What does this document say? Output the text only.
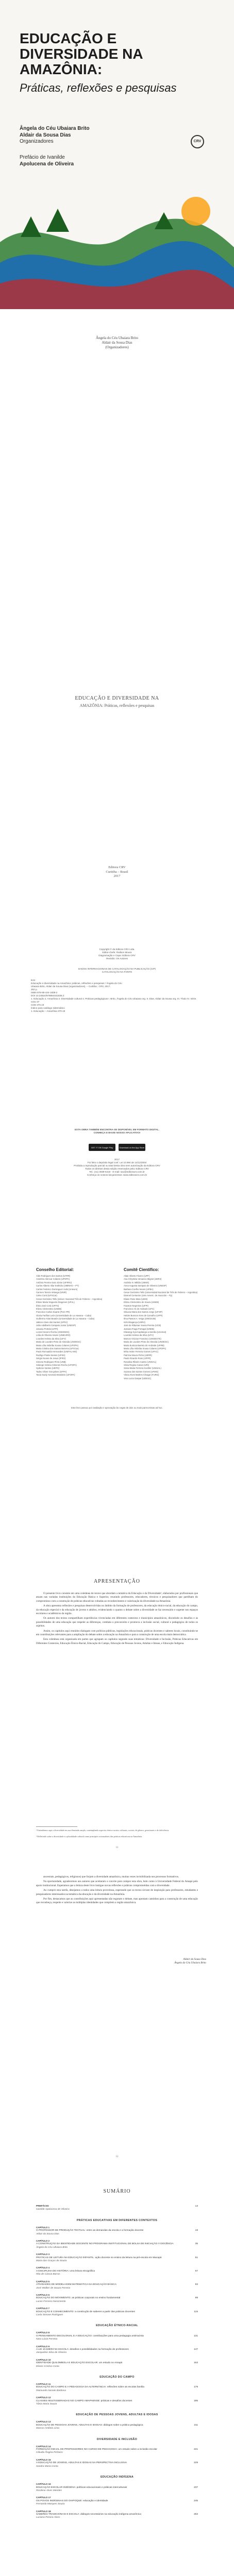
EDUCAÇÃO E DIVERSIDADE NA AMAZÔNIA:
Práticas, reflexões e pesquisas
Ângela do Céu Ubaiara Brito
Aldair da Sousa Dias
Organizadores
Prefácio de Ivanilde
Apolucena de Oliveira
CRV
Ângela do Céu Ubaiara Brito
Aldair da Sousa Dias
(Organizadores)
EDUCAÇÃO E DIVERSIDADE NA
AMAZÔNIA: Práticas, reflexões e pesquisas
Editora CRV
Curitiba – Brasil
2017
Copyright © da Editora CRV Ltda.
Editor-chefe: Railson Moura
Diagramação e Capa: Editora CRV
Revisão: Os Autores
DADOS INTERNACIONAIS DE CATALOGAÇÃO NA PUBLICAÇÃO (CIP)
CATALOGAÇÃO NA FONTE
E24
Educação e diversidade na Amazônia: práticas, reflexões e pesquisas / Ângela do Céu
Ubaiara Brito, Aldair da Sousa Dias (organizadores). – Curitiba : CRV, 2017.
262 p.
ISBN 978-85-444-1838-2
DOI 10.24824/978854441838.2
1. Educação 2. Amazônia 3. Diversidade cultural 4. Práticas pedagógicas I. Brito, Ângela do Céu Ubaiara org. II. Dias, Aldair da Sousa org. III. Título IV. Série.
CDU 37
CDD 370.19
Índice para catálogo sistemático
1. Educação – Amazônia 370.19
ESTA OBRA TAMBÉM ENCONTRA-SE DISPONÍVEL EM FORMATO DIGITAL.
CONHEÇA E BAIXE NOSSO APLICATIVO!
GET IT ON Google Play	Download on the App Store
2017
Foi feito o depósito legal conf. Lei 10.994 de 14/12/2004
Proibida a reprodução parcial ou total desta obra sem autorização da Editora CRV
Todos os direitos desta edição reservados pela: Editora CRV
Tel.: (41) 3039-6418 - E-mail: sac@editoracrv.com.br
Conheça os nossos lançamentos: www.editoracrv.com.br
Conselho Editorial:	Comitê Científico:
Aldo Rodrigues dos Santos (UFRR)
Anselmo Alencar Colares (UFOPA)
Antônio Pereira Gaio Júnior (UFRRJ)
Carlos Alberto Vilar Estêvão (UMINHO – PT)
Carlos Federico Dominguez Avila (Unieuro)
Carmen Tereza Velanga (UNIR)
Celso Conti (UFSCar)
Cesar Gerónimo Tello (Univer. Nacional Três de Febrero – Argentina)
Elione Maria Nogueira Diogenes (UFAL)
Élsio José Corá (UFFS)
Elizeu Clementino (UNEB)
Francisco Carlos Duarte (PUC-PR)
Gloria Fariñas León (Universidade de La Havana – Cuba)
Guillermo Arias Beatón (Universidade de La Havana – Cuba)
Jailson Alves dos Santos (UFRJ)
João Adalberto Campato Junior (UNESP)
Josania Portela (UFPI)
Leonel Severo Rocha (UNISINOS)
Lídia de Oliveira Xavier (UNIEURO)
Lourdes Helena da Silva (UFV)
Maria de Lourdes Pinto de Almeida (UNOESC)
Maria Lília Imbiriba Sousa Colares (UFOPA)
Maria Cristina dos Santos Bezerra (UFSCar)
Paulo Romualdo Hernandes (UNIFAL-MG)
Rodrigo Pratte-Santos (UFES)
Sérgio Nunes de Jesus (IFRO)
Simone Rodrigues Pinto (UNB)
Solange Helena Ximenes-Rocha (UFOPA)
Sydione Santos (UEPG)
Tadeu Oliver Gonçalves (UFPA)
Tania Suely Azevedo Brasileiro (UFOPA)
Altair Alberto Fávero (UPF)
Ana Chrystina Venancio Mignot (UERJ)
Andréia N. Militão (UEMS)
Anna Augusta Sampaio de Oliveira (UNESP)
Barbara Coelho Neves (UFBA)
Cesar Gerónimo Tello (Universidad Nacional de Três de Febrero – Argentina)
Diosnel Centurion (Univ Americ. de Asunción – Py)
Eliane Rose Maio (UEM)
Elizeu Clementino de Souza (UNEB)
Fauston Negreiros (UFPI)
Francisco Ari de Andrade (UFC)
Gláucia Maria dos Santos Jorge (UFOP)
Helder Buenos Aires de Carvalho (UFPI)
Ilma Passos A. Veiga (UNICEUB)
Inês Bragança (UERJ)
José de Ribamar Sousa Pereira (UCB)
Jussara Fraga Portugal (UNEB)
Kilwangy Kya Kapitango-a-Samba (Unemat)
Lourdes Helena da Silva (UFV)
Marcos Vinicius Francisco (UNOESTE)
Maria de Lourdes Pinto de Almeida (UNOESC)
Maria Eurácia Barreto de Andrade (UFRB)
Maria Lília Imbiriba Sousa Colares (UFOPA)
Míria Helen Ferreira Gomes (UFAC)
Patrícia Moura Pinho (UERR)
Paulo Ricardo Ross (UFPR)
Rosalina Ribeiro Castro (UNISAL)
Silvia Regina Canan (URI)
Sonia Maria Ferreira Koehler (UNISAL)
Suzana dos Santos Gomes (UFMG)
Vânia Alves Martins Chaigar (FURG)
Vera Lucia Gaspar (UDESC)
Este livro passou por avaliação e aprovação às cegas de dois ou mais pareceristas ad hoc.
APRESENTAÇÃO

O presente livro consiste em uma coletânea de textos que abordam a temática da Educação e da Diversidade¹, elaborados por profissionais que atuam nas variadas instituições da Educação Básica e Superior, reunindo professores, educadores, técnicos e pesquisadores que partilham do compromisso com a construção de práticas educativas voltadas ao reconhecimento e valorização da diversidade na Amazônia.

A obra apresenta reflexões e pesquisas desenvolvidas no âmbito da formação de professores, da educação étnico-racial, da educação do campo, da educação especial e da educação de jovens e adultos, evidenciando o quanto o debate sobre a diversidade se faz necessário e urgente nos espaços escolares e acadêmicos da região.

Os autores dos textos compartilham experiências vivenciadas em diferentes contextos e municípios amazônicos, discutindo os desafios e as possibilidades de uma educação que respeite as diferenças, combata o preconceito e promova a inclusão social, cultural e pedagógica de todos os sujeitos.

Assim, os capítulos aqui reunidos dialogam com políticas públicas, legislações educacionais, práticas docentes e saberes locais, constituindo-se em contribuições relevantes para a ampliação do debate sobre a educação na Amazônia e para a construção de uma escola mais democrática.

Esta coletânea está organizada em partes que agrupam os capítulos segundo suas temáticas: Diversidade e Inclusão, Práticas Educativas em Diferentes Contextos, Educação Étnico-Racial, Educação do Campo, Educação de Pessoas Jovens, Adultas e Idosas, e Educação Indígena.

¹ Entendemos aqui a diversidade em sua dimensão ampla, contemplando aspectos étnico-raciais, culturais, sociais, de gênero, geracionais e de deficiência.
² Refletindo sobre a diversidade e a pluralidade cultural como princípios orientadores das práticas educativas na Amazônia.
11

ancestrais, pedagógicos, religiosos) que forjam a diversidade amazônica, muitas vezes invisibilizada nos processos formativos.

Na oportunidade, agradecemos aos autores que aceitaram o convite para compor esta obra, bem como à Universidade Federal do Amapá pelo apoio institucional. Esperamos que a leitura deste livro instigue novas reflexões e práticas comprometidas com a diversidade.

Ao cumprir esta tarefa, desejamos a todos uma leitura proveitosa, esperando que os textos sirvam de inspiração para professores, estudantes e pesquisadores interessados na temática da educação e da diversidade na Amazônia.

Por fim, destacamos que as contribuições aqui apresentadas não esgotam o debate, mas apontam caminhos para a construção de uma educação que reconheça, respeite e valorize as múltiplas identidades que compõem a região amazônica.

Aldair da Sousa Dias
Ângela do Céu Ubaiara Brito
12
SUMÁRIO
PREFÁCIO	13
Ivanilde Apolucena de Oliveira
PRÁTICAS EDUCATIVAS EM DIFERENTES CONTEXTOS
CAPÍTULO 1
O PROFESSOR DE PRODUÇÃO TEXTUAL: entre as demandas da escola e a formação docente	19
Aldair da Sousa Dias
CAPÍTULO 2
A CONSTRUÇÃO DA IDENTIDADE DOCENTE NO PROGRAMA INSTITUCIONAL DE BOLSA DE INICIAÇÃO À DOCÊNCIA	35
Ângela do Céu Ubaiara Brito
CAPÍTULO 3
PRÁTICAS DE LEITURA NA EDUCAÇÃO INFANTIL: ação docente no ensino da leitura na pré-escola em Macapá	51
Maria das Graças de Souza
CAPÍTULO 4
A DISCIPLINA DE HISTÓRIA: uma leitura etnográfica	67
Rita de Cássia Barros
CAPÍTULO 5
ATIVIDADES DE MODELAGEM MATEMÁTICA NA EDUCAÇÃO BÁSICA	83
José Walber de Souza Ferreira
CAPÍTULO 6
EDUCAÇÃO DO MOVIMENTO: as práticas corporais no ensino fundamental	99
Lucas Ferreira Nascimento
CAPÍTULO 7
EDUCAÇÃO E CONHECIMENTO: a construção de saberes a partir das práticas docentes	115
Carla Simone Rodrigues
EDUCAÇÃO ÉTNICO-RACIAL
CAPÍTULO 8
O PENSAMENTO DECOLONIAL E A EDUCAÇÃO: contribuições para uma pedagogia antirracista	131
Nara Lúcia Ferreira
CAPÍTULO 9
A LEI 10.639/03 NA ESCOLA: desafios e possibilidades na formação de professores	147
Jacqueline Silva de Oliveira
CAPÍTULO 10
IDENTIDADE QUILOMBOLA E EDUCAÇÃO ESCOLAR: um estudo no Amapá	163
Eliane Cristina Costa
EDUCAÇÃO DO CAMPO
CAPÍTULO 11
EDUCAÇÃO DO CAMPO E A PEDAGOGIA DA ALTERNÂNCIA: reflexões sobre as escolas família	179
Raimundo Nonato Barbosa
CAPÍTULO 12
CLASSES MULTISSERIADAS NO CAMPO AMAPAENSE: práticas e desafios docentes	195
Tânia Maria Souza
EDUCAÇÃO DE PESSOAS JOVENS, ADULTAS E IDOSAS
CAPÍTULO 13
EDUCAÇÃO DE PESSOAS JOVENS, ADULTAS E IDOSAS: diálogos sobre a prática pedagógica	211
Marcos Antônio Lima
DIVERSIDADE E INCLUSÃO
CAPÍTULO 14
FORMAÇÃO INICIAL DE PROFESSORES NO CURSO DE PEDAGOGIA: um estudo sobre a inclusão escolar	221
Cláudia Regina Pinheiro
CAPÍTULO 15
A EDUCAÇÃO DE JOVENS, ADULTAS E IDOSAS NA PERSPECTIVA INCLUSIVA	229
Sandra Maria Costa
EDUCAÇÃO INDÍGENA
CAPÍTULO 16
EDUCAÇÃO ESCOLAR INDÍGENA: políticas educacionais e práticas interculturais	237
Rosilene Alves Mendes
CAPÍTULO 17
OS POVOS INDÍGENAS DO OIAPOQUE: educação e identidade	245
Fernando Marques Souza
CAPÍTULO 18
SABERES TRADICIONAIS E ESCOLA: diálogos necessários na educação indígena amazônica	253
Luciana Pereira Alves
